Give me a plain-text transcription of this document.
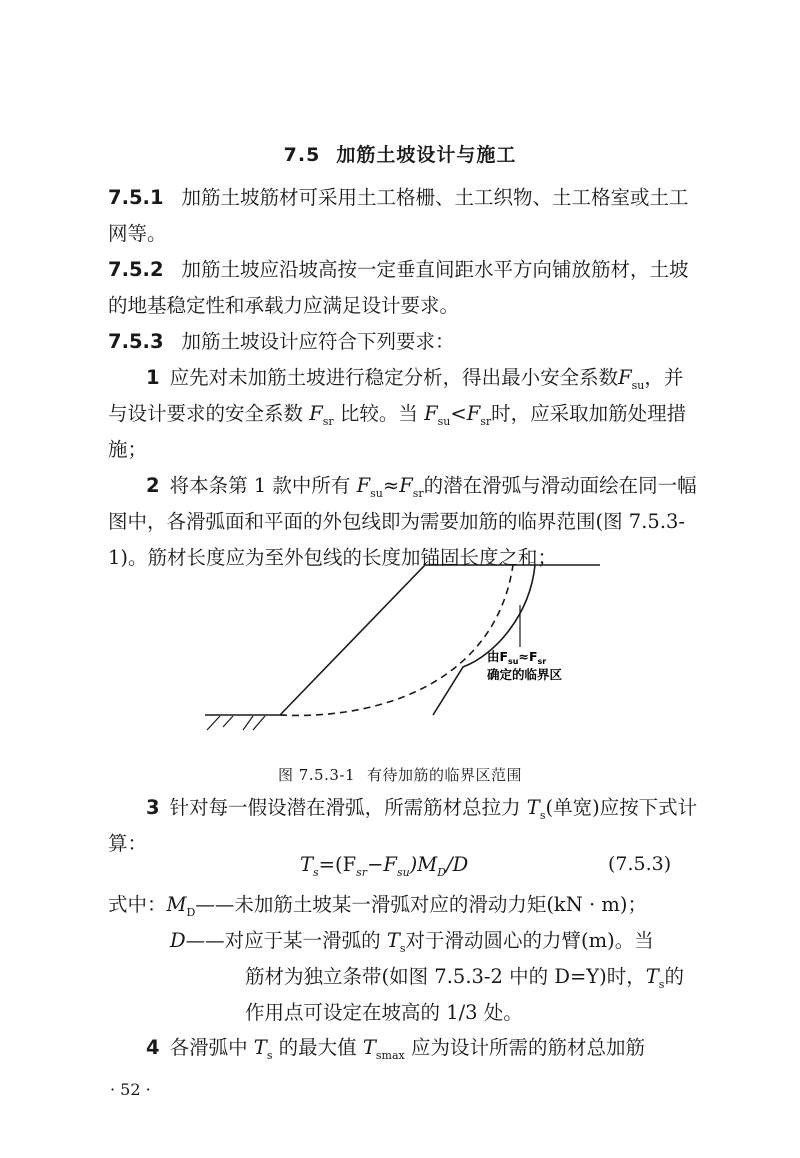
7.5 加筋土坡设计与施工

7.5.1 加筋土坡筋材可采用土工格栅、土工织物、土工格室或土工网等。

7.5.2 加筋土坡应沿坡高按一定垂直间距水平方向铺放筋材，土坡的地基稳定性和承载力应满足设计要求。

7.5.3 加筋土坡设计应符合下列要求：

1 应先对未加筋土坡进行稳定分析，得出最小安全系数$F_{su}$，并与设计要求的安全系数 $F_{sr}$ 比较。当 $F_{su}<F_{sr}$时，应采取加筋处理措施；

2 将本条第 1 款中所有 $F_{su}\approx F_{sr}$的潜在滑弧与滑动面绘在同一幅图中，各滑弧面和平面的外包线即为需要加筋的临界范围(图 7.5.3-1)。筋材长度应为至外包线的长度加锚固长度之和；

由$F_{su}\approx F_{sr}$
确定的临界区
图 7.5.3-1 有待加筋的临界区范围

3 针对每一假设潜在滑弧，所需筋材总拉力 $T_s$(单宽)应按下式计算：

$T_s=(F_{sr}-F_{su})M_D/D$	(7.5.3)
式中：$M_D——$未加筋土坡某一滑弧对应的滑动力矩(kN · m)；
D——对应于某一滑弧的 $T_s$对于滑动圆心的力臂(m)。当
筋材为独立条带(如图 7.5.3-2 中的 D=Y)时，$T_s$的
作用点可设定在坡高的 1/3 处。

4 各滑弧中 $T_s$ 的最大值 $T_{smax}$ 应为设计所需的筋材总加筋

· 52 ·
